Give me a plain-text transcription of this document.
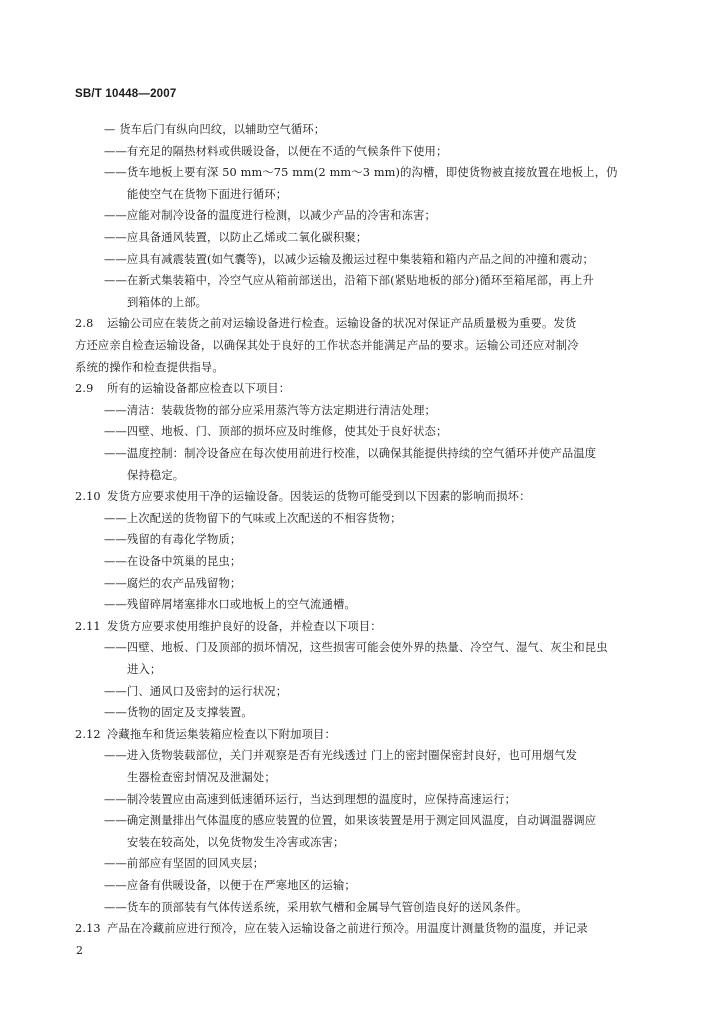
SB/T 10448—2007
— 货车后门有纵向凹纹，以辅助空气循环；
——有充足的隔热材料或供暖设备，以便在不适的气候条件下使用；
——货车地板上要有深 50 mm～75 mm(2 mm～3 mm)的沟槽，即使货物被直接放置在地板上，仍
能使空气在货物下面进行循环；
——应能对制冷设备的温度进行检测，以减少产品的冷害和冻害；
——应具备通风装置，以防止乙烯或二氧化碳积聚；
——应具有减震装置(如气囊等)，以减少运输及搬运过程中集装箱和箱内产品之间的冲撞和震动；
——在新式集装箱中，冷空气应从箱前部送出，沿箱下部(紧贴地板的部分)循环至箱尾部，再上升
到箱体的上部。
2.8 运输公司应在装货之前对运输设备进行检查。运输设备的状况对保证产品质量极为重要。发货
方还应亲自检查运输设备，以确保其处于良好的工作状态并能满足产品的要求。运输公司还应对制冷
系统的操作和检查提供指导。
2.9 所有的运输设备都应检查以下项目：
——清洁：装载货物的部分应采用蒸汽等方法定期进行清洁处理；
——四壁、地板、门、顶部的损坏应及时维修，使其处于良好状态；
——温度控制：制冷设备应在每次使用前进行校准，以确保其能提供持续的空气循环并使产品温度
保持稳定。
2.10 发货方应要求使用干净的运输设备。因装运的货物可能受到以下因素的影响而损坏：
——上次配送的货物留下的气味或上次配送的不相容货物；
——残留的有毒化学物质；
——在设备中筑巢的昆虫；
——腐烂的农产品残留物；
——残留碎屑堵塞排水口或地板上的空气流通槽。
2.11 发货方应要求使用维护良好的设备，并检查以下项目：
——四壁、地板、门及顶部的损坏情况，这些损害可能会使外界的热量、冷空气、湿气、灰尘和昆虫
进入；
——门、通风口及密封的运行状况；
——货物的固定及支撑装置。
2.12 冷藏拖车和货运集装箱应检查以下附加项目：
——进入货物装载部位，关门并观察是否有光线透过 门上的密封圈保密封良好，也可用烟气发
生器检查密封情况及泄漏处；
——制冷装置应由高速到低速循环运行，当达到理想的温度时，应保持高速运行；
——确定测量排出气体温度的感应装置的位置，如果该装置是用于测定回风温度，自动调温器调应
安装在较高处，以免货物发生冷害或冻害；
——前部应有坚固的回风夹层；
——应备有供暖设备，以便于在严寒地区的运输；
——货车的顶部装有气体传送系统，采用软气槽和金属导气管创造良好的送风条件。
2.13 产品在冷藏前应进行预冷，应在装入运输设备之前进行预冷。用温度计测量货物的温度，并记录
2
